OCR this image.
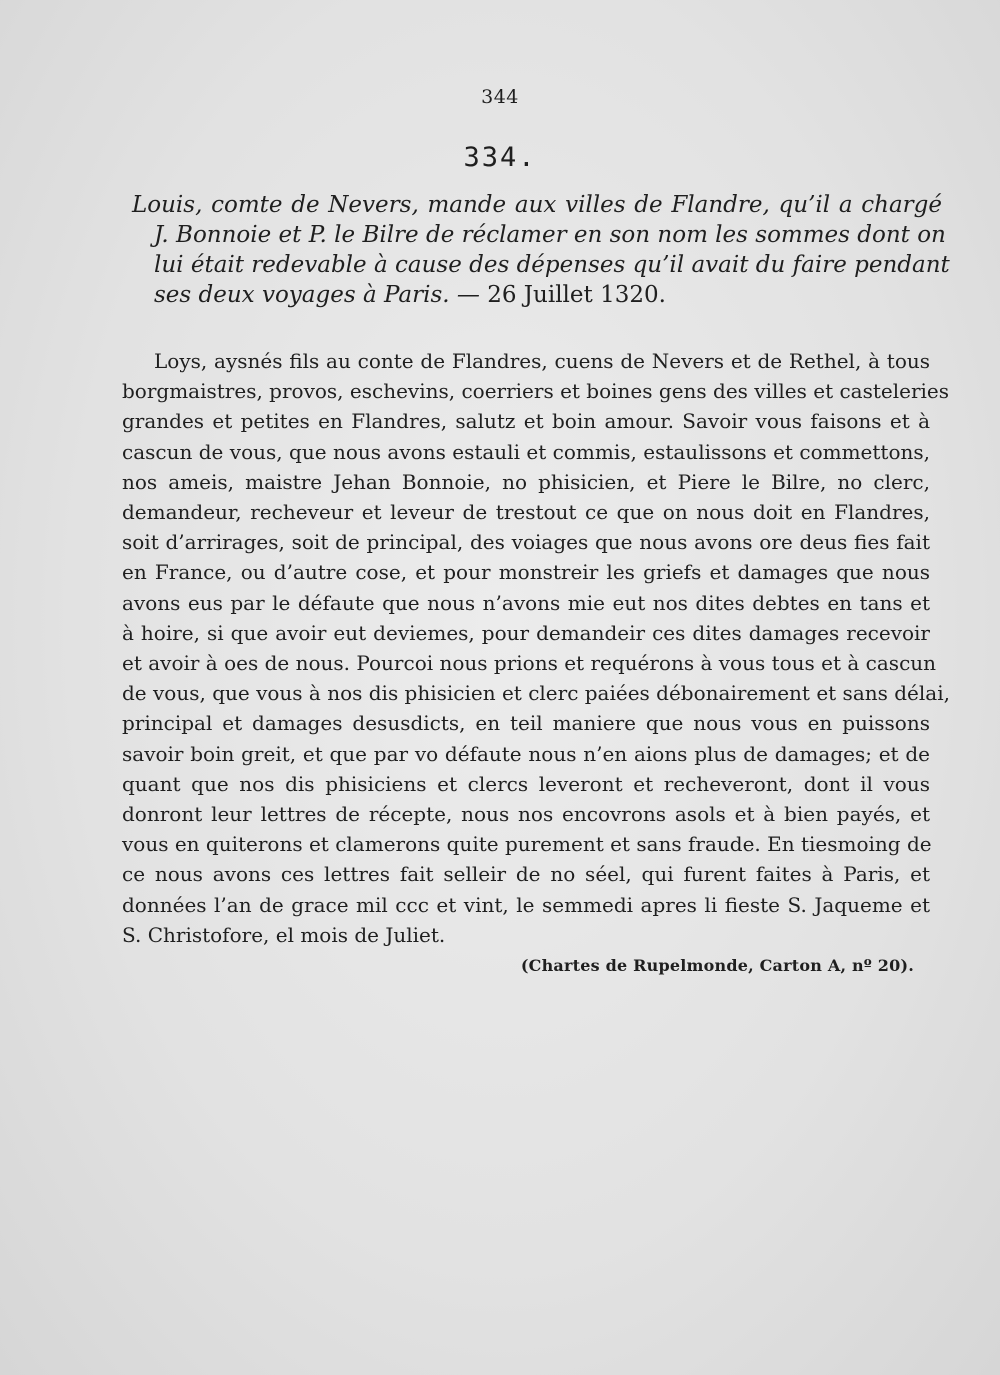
344
334.
Louis, comte de Nevers, mande aux villes de Flandre, qu’il a chargé
J. Bonnoie et P. le Bilre de réclamer en son nom les sommes dont on
lui était redevable à cause des dépenses qu’il avait du faire pendant
ses deux voyages à Paris. — 26 Juillet 1320.
Loys, aysnés fils au conte de Flandres, cuens de Nevers et de Rethel, à tous
borgmaistres, provos, eschevins, coerriers et boines gens des villes et casteleries
grandes et petites en Flandres, salutz et boin amour. Savoir vous faisons et à
cascun de vous, que nous avons estauli et commis, estaulissons et commettons,
nos ameis, maistre Jehan Bonnoie, no phisicien, et Piere le Bilre, no clerc,
demandeur, recheveur et leveur de trestout ce que on nous doit en Flandres,
soit d’arrirages, soit de principal, des voiages que nous avons ore deus fies fait
en France, ou d’autre cose, et pour monstreir les griefs et damages que nous
avons eus par le défaute que nous n’avons mie eut nos dites debtes en tans et
à hoire, si que avoir eut deviemes, pour demandeir ces dites damages recevoir
et avoir à oes de nous. Pourcoi nous prions et requérons à vous tous et à cascun
de vous, que vous à nos dis phisicien et clerc paiées débonairement et sans délai,
principal et damages desusdicts, en teil maniere que nous vous en puissons
savoir boin greit, et que par vo défaute nous n’en aions plus de damages; et de
quant que nos dis phisiciens et clercs leveront et recheveront, dont il vous
donront leur lettres de récepte, nous nos encovrons asols et à bien payés, et
vous en quiterons et clamerons quite purement et sans fraude. En tiesmoing de
ce nous avons ces lettres fait selleir de no séel, qui furent faites à Paris, et
données l’an de grace mil ccc et vint, le semmedi apres li fieste S. Jaqueme et
S. Christofore, el mois de Juliet.
(Chartes de Rupelmonde, Carton A, nº 20).
